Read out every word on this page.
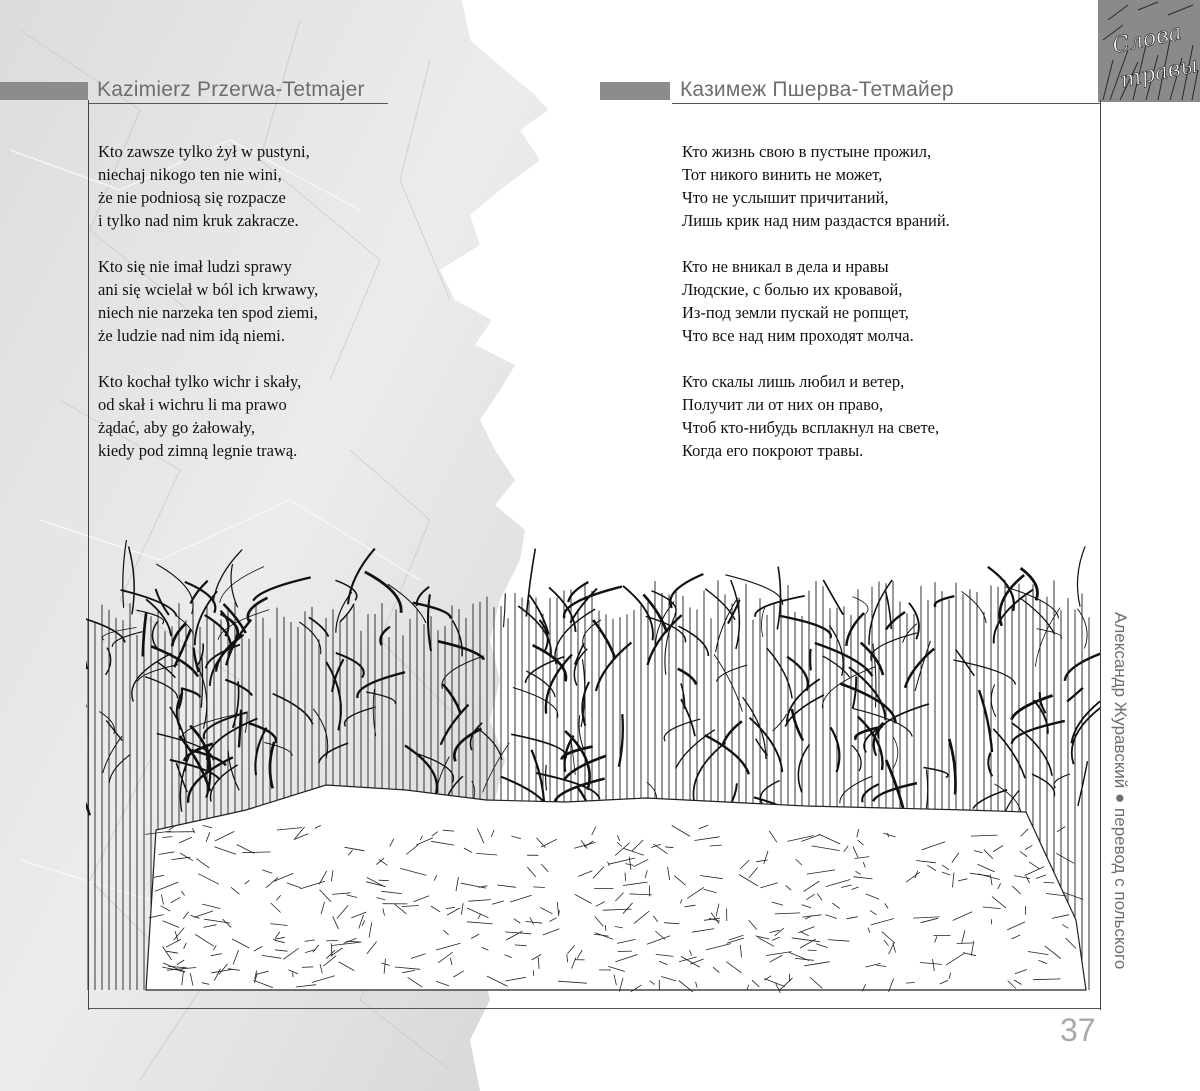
Слова
травы
Kazimierz Przerwa-Tetmajer	Казимеж Пшерва-Тетмайер
Kto zawsze tylko żył w pustyni,
niechaj nikogo ten nie wini,
że nie podniosą się rozpacze
i tylko nad nim kruk zakracze.
Kto się nie imał ludzi sprawy
ani się wcielał w ból ich krwawy,
niech nie narzeka ten spod ziemi,
że ludzie nad nim idą niemi.
Kto kochał tylko wichr i skały,
od skał i wichru li ma prawo
żądać, aby go żałowały,
kiedy pod zimną legnie trawą.
Кто жизнь свою в пустыне прожил,
Тот никого винить не может,
Что не услышит причитаний,
Лишь крик над ним раздастся враний.
Кто не вникал в дела и нравы
Людские, с болью их кровавой,
Из-под земли пускай не ропщет,
Что все над ним проходят молча.
Кто скалы лишь любил и ветер,
Получит ли от них он право,
Чтоб кто-нибудь всплакнул на свете,
Когда его покроют травы.
Александр Журавский ● перевод с польского
37
